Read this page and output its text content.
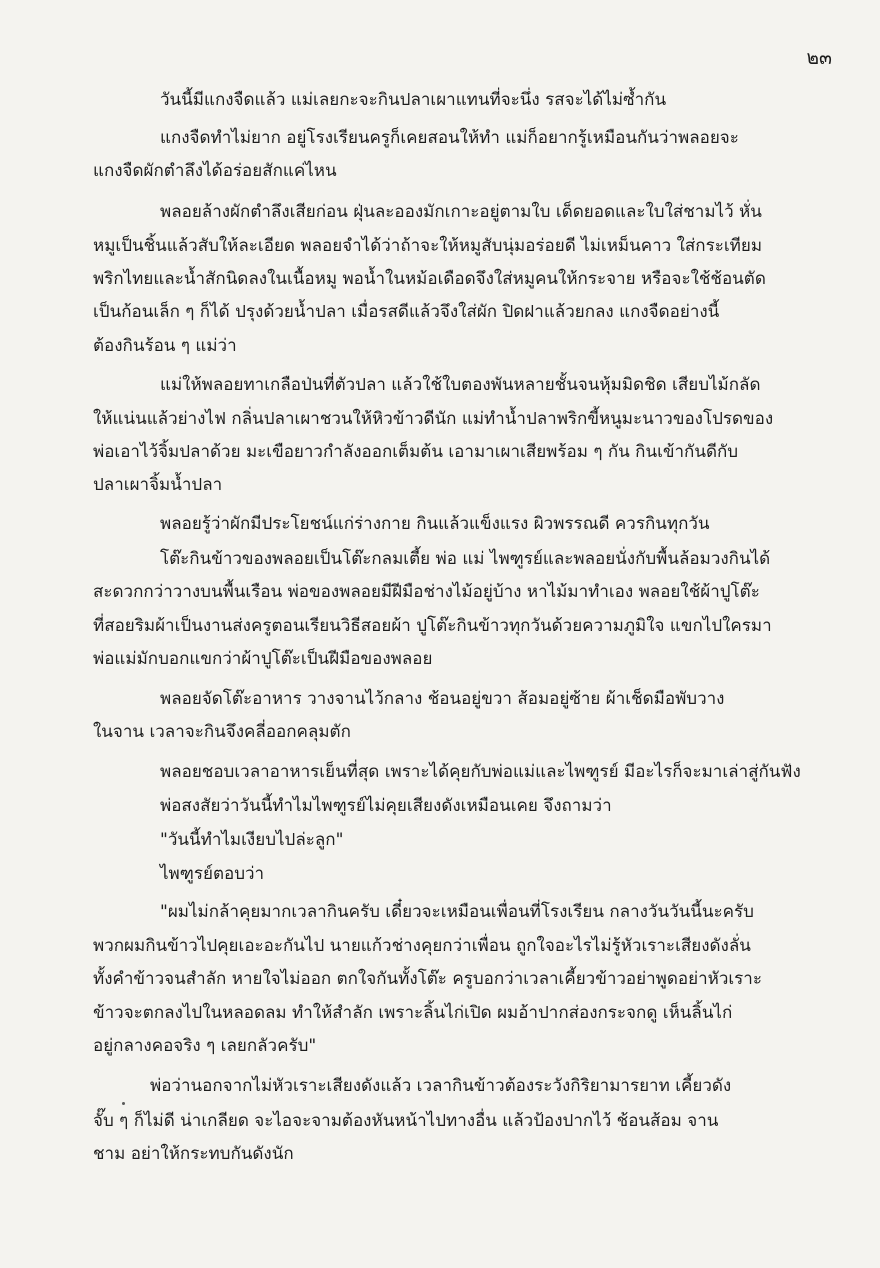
๒๓

วันนี้มีแกงจืดแล้ว แม่เลยกะจะกินปลาเผาแทนที่จะนึ่ง รสจะได้ไม่ซ้ำกัน

แกงจืดทำไม่ยาก อยู่โรงเรียนครูก็เคยสอนให้ทำ แม่ก็อยากรู้เหมือนกันว่าพลอยจะ

แกงจืดผักตำลึงได้อร่อยสักแค่ไหน

พลอยล้างผักตำลึงเสียก่อน ฝุ่นละอองมักเกาะอยู่ตามใบ เด็ดยอดและใบใส่ชามไว้ หั่น

หมูเป็นชิ้นแล้วสับให้ละเอียด พลอยจำได้ว่าถ้าจะให้หมูสับนุ่มอร่อยดี ไม่เหม็นคาว ใส่กระเทียม

พริกไทยและน้ำสักนิดลงในเนื้อหมู พอน้ำในหม้อเดือดจึงใส่หมูคนให้กระจาย หรือจะใช้ช้อนตัด

เป็นก้อนเล็ก ๆ ก็ได้ ปรุงด้วยน้ำปลา เมื่อรสดีแล้วจึงใส่ผัก ปิดฝาแล้วยกลง แกงจืดอย่างนี้

ต้องกินร้อน ๆ แม่ว่า

แม่ให้พลอยทาเกลือป่นที่ตัวปลา แล้วใช้ใบตองพันหลายชั้นจนหุ้มมิดชิด เสียบไม้กลัด

ให้แน่นแล้วย่างไฟ กลิ่นปลาเผาชวนให้หิวข้าวดีนัก แม่ทำน้ำปลาพริกขี้หนูมะนาวของโปรดของ

พ่อเอาไว้จิ้มปลาด้วย มะเขือยาวกำลังออกเต็มต้น เอามาเผาเสียพร้อม ๆ กัน กินเข้ากันดีกับ

ปลาเผาจิ้มน้ำปลา

พลอยรู้ว่าผักมีประโยชน์แก่ร่างกาย กินแล้วแข็งแรง ผิวพรรณดี ควรกินทุกวัน

โต๊ะกินข้าวของพลอยเป็นโต๊ะกลมเตี้ย พ่อ แม่ ไพฑูรย์และพลอยนั่งกับพื้นล้อมวงกินได้

สะดวกกว่าวางบนพื้นเรือน พ่อของพลอยมีฝีมือช่างไม้อยู่บ้าง หาไม้มาทำเอง พลอยใช้ผ้าปูโต๊ะ

ที่สอยริมผ้าเป็นงานส่งครูตอนเรียนวิธีสอยผ้า ปูโต๊ะกินข้าวทุกวันด้วยความภูมิใจ แขกไปใครมา

พ่อแม่มักบอกแขกว่าผ้าปูโต๊ะเป็นฝีมือของพลอย

พลอยจัดโต๊ะอาหาร วางจานไว้กลาง ช้อนอยู่ขวา ส้อมอยู่ซ้าย ผ้าเช็ดมือพับวาง

ในจาน เวลาจะกินจึงคลี่ออกคลุมตัก

พลอยชอบเวลาอาหารเย็นที่สุด เพราะได้คุยกับพ่อแม่และไพฑูรย์ มีอะไรก็จะมาเล่าสู่กันฟัง

พ่อสงสัยว่าวันนี้ทำไมไพฑูรย์ไม่คุยเสียงดังเหมือนเคย จึงถามว่า

"วันนี้ทำไมเงียบไปล่ะลูก"

ไพฑูรย์ตอบว่า

"ผมไม่กล้าคุยมากเวลากินครับ เดี๋ยวจะเหมือนเพื่อนที่โรงเรียน กลางวันวันนี้นะครับ

พวกผมกินข้าวไปคุยเอะอะกันไป นายแก้วช่างคุยกว่าเพื่อน ถูกใจอะไรไม่รู้หัวเราะเสียงดังลั่น

ทั้งคำข้าวจนสำลัก หายใจไม่ออก ตกใจกันทั้งโต๊ะ ครูบอกว่าเวลาเคี้ยวข้าวอย่าพูดอย่าหัวเราะ

ข้าวจะตกลงไปในหลอดลม ทำให้สำลัก เพราะลิ้นไก่เปิด ผมอ้าปากส่องกระจกดู เห็นลิ้นไก่

อยู่กลางคอจริง ๆ เลยกลัวครับ"

พ่อว่านอกจากไม่หัวเราะเสียงดังแล้ว เวลากินข้าวต้องระวังกิริยามารยาท เคี้ยวดัง

จั๊บ ๆ ก็ไม่ดี น่าเกลียด จะไอจะจามต้องหันหน้าไปทางอื่น แล้วป้องปากไว้ ช้อนส้อม จาน

ชาม อย่าให้กระทบกันดังนัก
